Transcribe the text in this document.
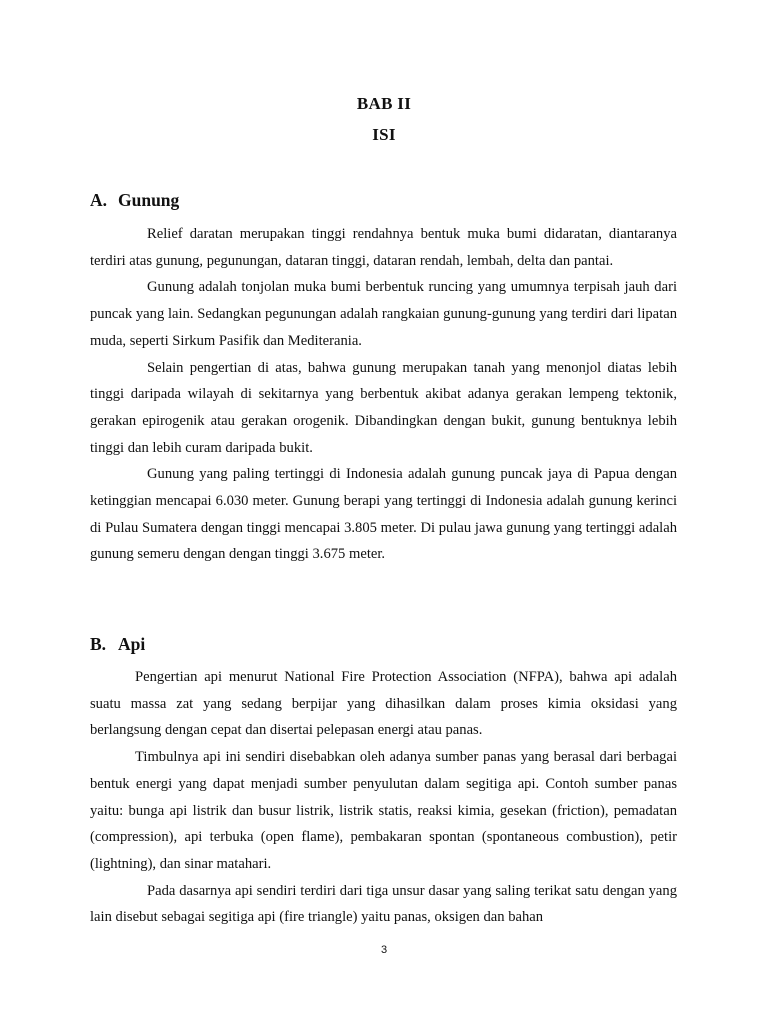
BAB II
ISI
A. Gunung

Relief daratan merupakan tinggi rendahnya bentuk muka bumi didaratan, diantaranya terdiri atas gunung, pegunungan, dataran tinggi, dataran rendah, lembah, delta dan pantai.

Gunung adalah tonjolan muka bumi berbentuk runcing yang umumnya terpisah jauh dari puncak yang lain. Sedangkan pegunungan adalah rangkaian gunung-gunung yang terdiri dari lipatan muda, seperti Sirkum Pasifik dan Mediterania.

Selain pengertian di atas, bahwa gunung merupakan tanah yang menonjol diatas lebih tinggi daripada wilayah di sekitarnya yang berbentuk akibat adanya gerakan lempeng tektonik, gerakan epirogenik atau gerakan orogenik. Dibandingkan dengan bukit, gunung bentuknya lebih tinggi dan lebih curam daripada bukit.

Gunung yang paling tertinggi di Indonesia adalah gunung puncak jaya di Papua dengan ketinggian mencapai 6.030 meter. Gunung berapi yang tertinggi di Indonesia adalah gunung kerinci di Pulau Sumatera dengan tinggi mencapai 3.805 meter. Di pulau jawa gunung yang tertinggi adalah gunung semeru dengan dengan tinggi 3.675 meter.

B. Api

Pengertian api menurut National Fire Protection Association (NFPA), bahwa api adalah suatu massa zat yang sedang berpijar yang dihasilkan dalam proses kimia oksidasi yang berlangsung dengan cepat dan disertai pelepasan energi atau panas.

Timbulnya api ini sendiri disebabkan oleh adanya sumber panas yang berasal dari berbagai bentuk energi yang dapat menjadi sumber penyulutan dalam segitiga api. Contoh sumber panas yaitu: bunga api listrik dan busur listrik, listrik statis, reaksi kimia, gesekan (friction), pemadatan (compression), api terbuka (open flame), pembakaran spontan (spontaneous combustion), petir (lightning), dan sinar matahari.

Pada dasarnya api sendiri terdiri dari tiga unsur dasar yang saling terikat satu dengan yang lain disebut sebagai segitiga api (fire triangle) yaitu panas, oksigen dan bahan

3
